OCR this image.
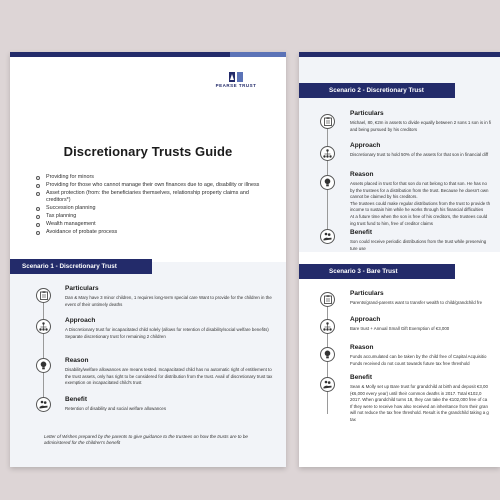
PEARSE TRUST
Discretionary Trusts Guide
Providing for minors
Providing for those who cannot manage their own finances due to age, disability or illness
Asset protection (from: the beneficiaries themselves, relationship property claims and creditors*)
Succession planning
Tax planning
Wealth management
Avoidance of probate process
Scenario 1 - Discretionary Trust
Particulars
Dan & Mary have 3 minor children, 1 requires long-term special care Want to provide for the children in the event of their untimely deaths
Approach
A Discretionary trust for incapacitated child solely (allows for retention of disability/social welfare benefits) Separate discretionary trust for remaining 2 children
Reason
Disability/welfare allowances are means tested. Incapacitated child has no automatic right of entitlement to the trust assets, only has right to be considered for distribution from the trust. Avail of discretionary trust tax exemption on incapacitated child's trust
Benefit
Retention of disability and social welfare allowances
Letter of Wishes prepared by the parents to give guidance to the trustees on how the trusts are to be administered for the children's benefit
Scenario 2 - Discretionary Trust
Particulars
Michael, 80, €2m in assets to divide equally between 2 sons 1 son is in fi
and being pursued by his creditors
Approach
Discretionary trust to hold 50% of the assets for that son in financial diff
Reason
Assets placed in trust for that son do not belong to that son. He has no
by the trustees for a distribution from the trust. Because he doesn't own
cannot be claimed by his creditors.
The trustees could make regular distributions from the trust to provide th
income to sustain him while he works through his financial difficulties
At a future time when the son is free of his creditors, the trustees could
ing trust fund to him, free of creditor claims
Benefit
Son could receive periodic distributions from the trust while preserving
ture use
Scenario 3 - Bare Trust
Particulars
Parents/grand-parents want to transfer wealth to child/grandchild fre
Approach
Bare trust + Annual Small Gift Exemption of €3,000
Reason
Funds accumulated can be taken by the child free of Capital Acquisitio
Funds received do not count towards future tax free threshold
Benefit
Sean & Molly set up Bare trust for grandchild at birth and deposit €3,00
(€6,000 every year) until their common deaths in 2017. Total €102,0
2017. When grandchild turns 18, they can take the €102,000 free of ca
If they were to receive how also received an inheritance from their gran
will not reduce the tax free threshold. Result is the grandchild taking a g
tax
